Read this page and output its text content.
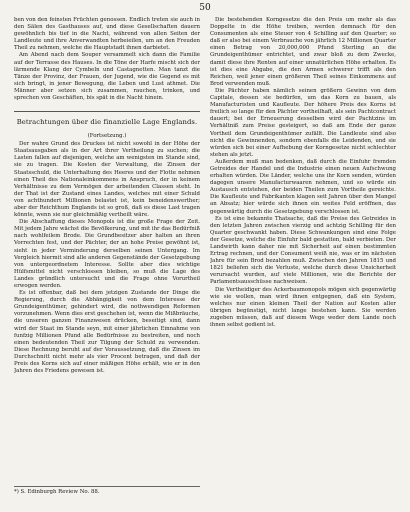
50

ben von den feinsten Früchten genossen. Endlich treten sie auch in den Sälen des Gasthauses auf, und diese Gesellschaften dauern gewöhnlich bis tief in die Nacht, während von allen Seiten der Landleute und ihre Anverwandten herbeieilen, um an den Freuden Theil zu nehmen, welche die Hauptstadt ihnen darbietet.

Am Abend nach dem Souper versammelt sich dann die Familie auf der Terrasse des Hauses. In die Töne der Harfe mischt sich der lärmende Klang der Cymbeln und Castagnetten. Man tanzt die Tänze der Provinz, der Frauen, der Jugend, wie die Gegend es mit sich bringt, in jener Bewegung, die Leben und Lust athmet. Die Männer aber setzen sich zusammen, rauchen, trinken, und sprechen von Geschäften, bis spät in die Nacht hinein.

Betrachtungen über die finanzielle Lage Englands.
(Fortsetzung.)

Der wahre Grund des Druckes ist nicht sowohl in der Höhe der Staatsausgaben als in der Art ihrer Vertheilung zu suchen; die Lasten fallen auf diejenigen, welche am wenigsten im Stande sind, sie zu tragen. Die Kosten der Verwaltung, die Zinsen der Staatsschuld, die Unterhaltung des Heeres und der Flotte nehmen einen Theil des Nationaleinkommens in Anspruch, der in keinem Verhältnisse zu dem Vermögen der arbeitenden Classen steht. In der That ist der Zustand eines Landes, welches mit einer Schuld von achthundert Millionen belastet ist, kein beneidenswerther; aber der Reichthum Englands ist so groß, daß es diese Last tragen könnte, wenn sie nur gleichmäßig vertheilt wäre.

Die Abschaffung dieses Monopols ist die große Frage der Zeit. Mit jedem Jahre wächst die Bevölkerung, und mit ihr das Bedürfniß nach wohlfeilem Brode. Die Grundbesitzer aber halten an ihren Vorrechten fest, und der Pächter, der an hohe Preise gewöhnt ist, sieht in jeder Verminderung derselben seinen Untergang. Im Vergleich hiermit sind alle anderen Gegenstände der Gesetzgebung von untergeordnetem Interesse. Sollte aber dies wichtige Hülfsmittel nicht verschlossen bleiben, so muß die Lage des Landes gründlich untersucht und die Frage ohne Vorurtheil erwogen werden.

Es ist offenbar, daß bei dem jetzigen Zustande der Dinge die Regierung, durch die Abhängigkeit von dem Interesse der Grundeigenthümer, gehindert wird, die nothwendigen Reformen vorzunehmen. Wenn dies erst geschehen ist, wenn die Mißbräuche, die unseren ganzen Finanzwesen drücken, beseitigt sind, dann wird der Staat im Stande seyn, mit einer jährlichen Einnahme von funfzig Millionen Pfund alle Bedürfnisse zu bestreiten, und noch einen bedeutenden Theil zur Tilgung der Schuld zu verwenden. Diese Rechnung beruht auf der Voraussetzung, daß die Zinsen im Durchschnitt nicht mehr als vier Procent betragen, und daß der Preis des Korns sich auf einer mäßigen Höhe erhält, wie er in den Jahren des Friedens gewesen ist.

*) S. Edinburgh Review No. 88.

Die bestehenden Korngesetze die den Preis um mehr als das Doppelte in die Höhe treiben, werden demnach für den Consumenten als eine Steuer von 4 Schilling auf den Quarter; so daß er also bei einem Verbrauche von jährlich 12 Millionen Quarter einen Betrag von 20,000,000 Pfund Sterling an die Grundeigenthümer entrichtet, und zwar bloß zu dem Zwecke, damit diese ihre Renten auf einer unnatürlichen Höhe erhalten. Es ist dies eine Abgabe, die den Armen schwerer trifft als den Reichen, weil jener einen größeren Theil seines Einkommens auf Brod verwenden muß.

Die Pächter haben nämlich seinen größern Gewinn von dem Capitale, dessen sie bedürfen, um das Korn zu bauen, als Manufacturisten und Kaufleute. Der höhere Preis des Korns ist freilich so lange für den Pächter vortheilhaft, als sein Pachtcontract dauert; bei der Erneuerung desselben wird der Pachtzins im Verhältniß zum Preise gesteigert, so daß am Ende der ganze Vortheil dem Grundeigenthümer zufällt. Die Landleute sind also nicht die Gewinnenden, sondern ebenfalls die Leidenden, und sie würden sich bei einer Aufhebung der Korngesetze nicht schlechter stehen als jetzt.

Außerdem muß man bedenken, daß durch die Einfuhr fremden Getreides der Handel und die Industrie einen neuen Aufschwung erhalten würden. Die Länder, welche uns ihr Korn senden, würden dagegen unsere Manufacturwaaren nehmen, und so würde ein Austausch entstehen, der beiden Theilen zum Vortheile gereichte. Die Kaufleute und Fabrikanten klagen seit Jahren über den Mangel an Absatz; hier würde sich ihnen ein weites Feld eröffnen, das gegenwärtig durch die Gesetzgebung verschlossen ist.

Es ist eine bekannte Thatsache, daß die Preise des Getreides in den letzten Jahren zwischen vierzig und achtzig Schilling für den Quarter geschwankt haben. Diese Schwankungen sind eine Folge der Gesetze, welche die Einfuhr bald gestatten, bald verbieten. Der Landwirth kann daher nie mit Sicherheit auf einen bestimmten Ertrag rechnen, und der Consument weiß nie, was er im nächsten Jahre für sein Brod bezahlen muß. Zwischen den Jahren 1815 und 1821 beliefen sich die Verluste, welche durch diese Unsicherheit verursacht wurden, auf viele Millionen, wie die Berichte der Parlamentsausschüsse nachweisen.

Die Vertheidiger des Ackerbaumonopols mögen sich gegenwärtig wie sie wollen, man wird ihnen entgegnen, daß ein System, welches nur einen kleinen Theil der Nation auf Kosten aller übrigen begünstigt, nicht lange bestehen kann. Sie werden zugeben müssen, daß auf diesem Wege weder dem Lande noch ihnen selbst gedient ist.
